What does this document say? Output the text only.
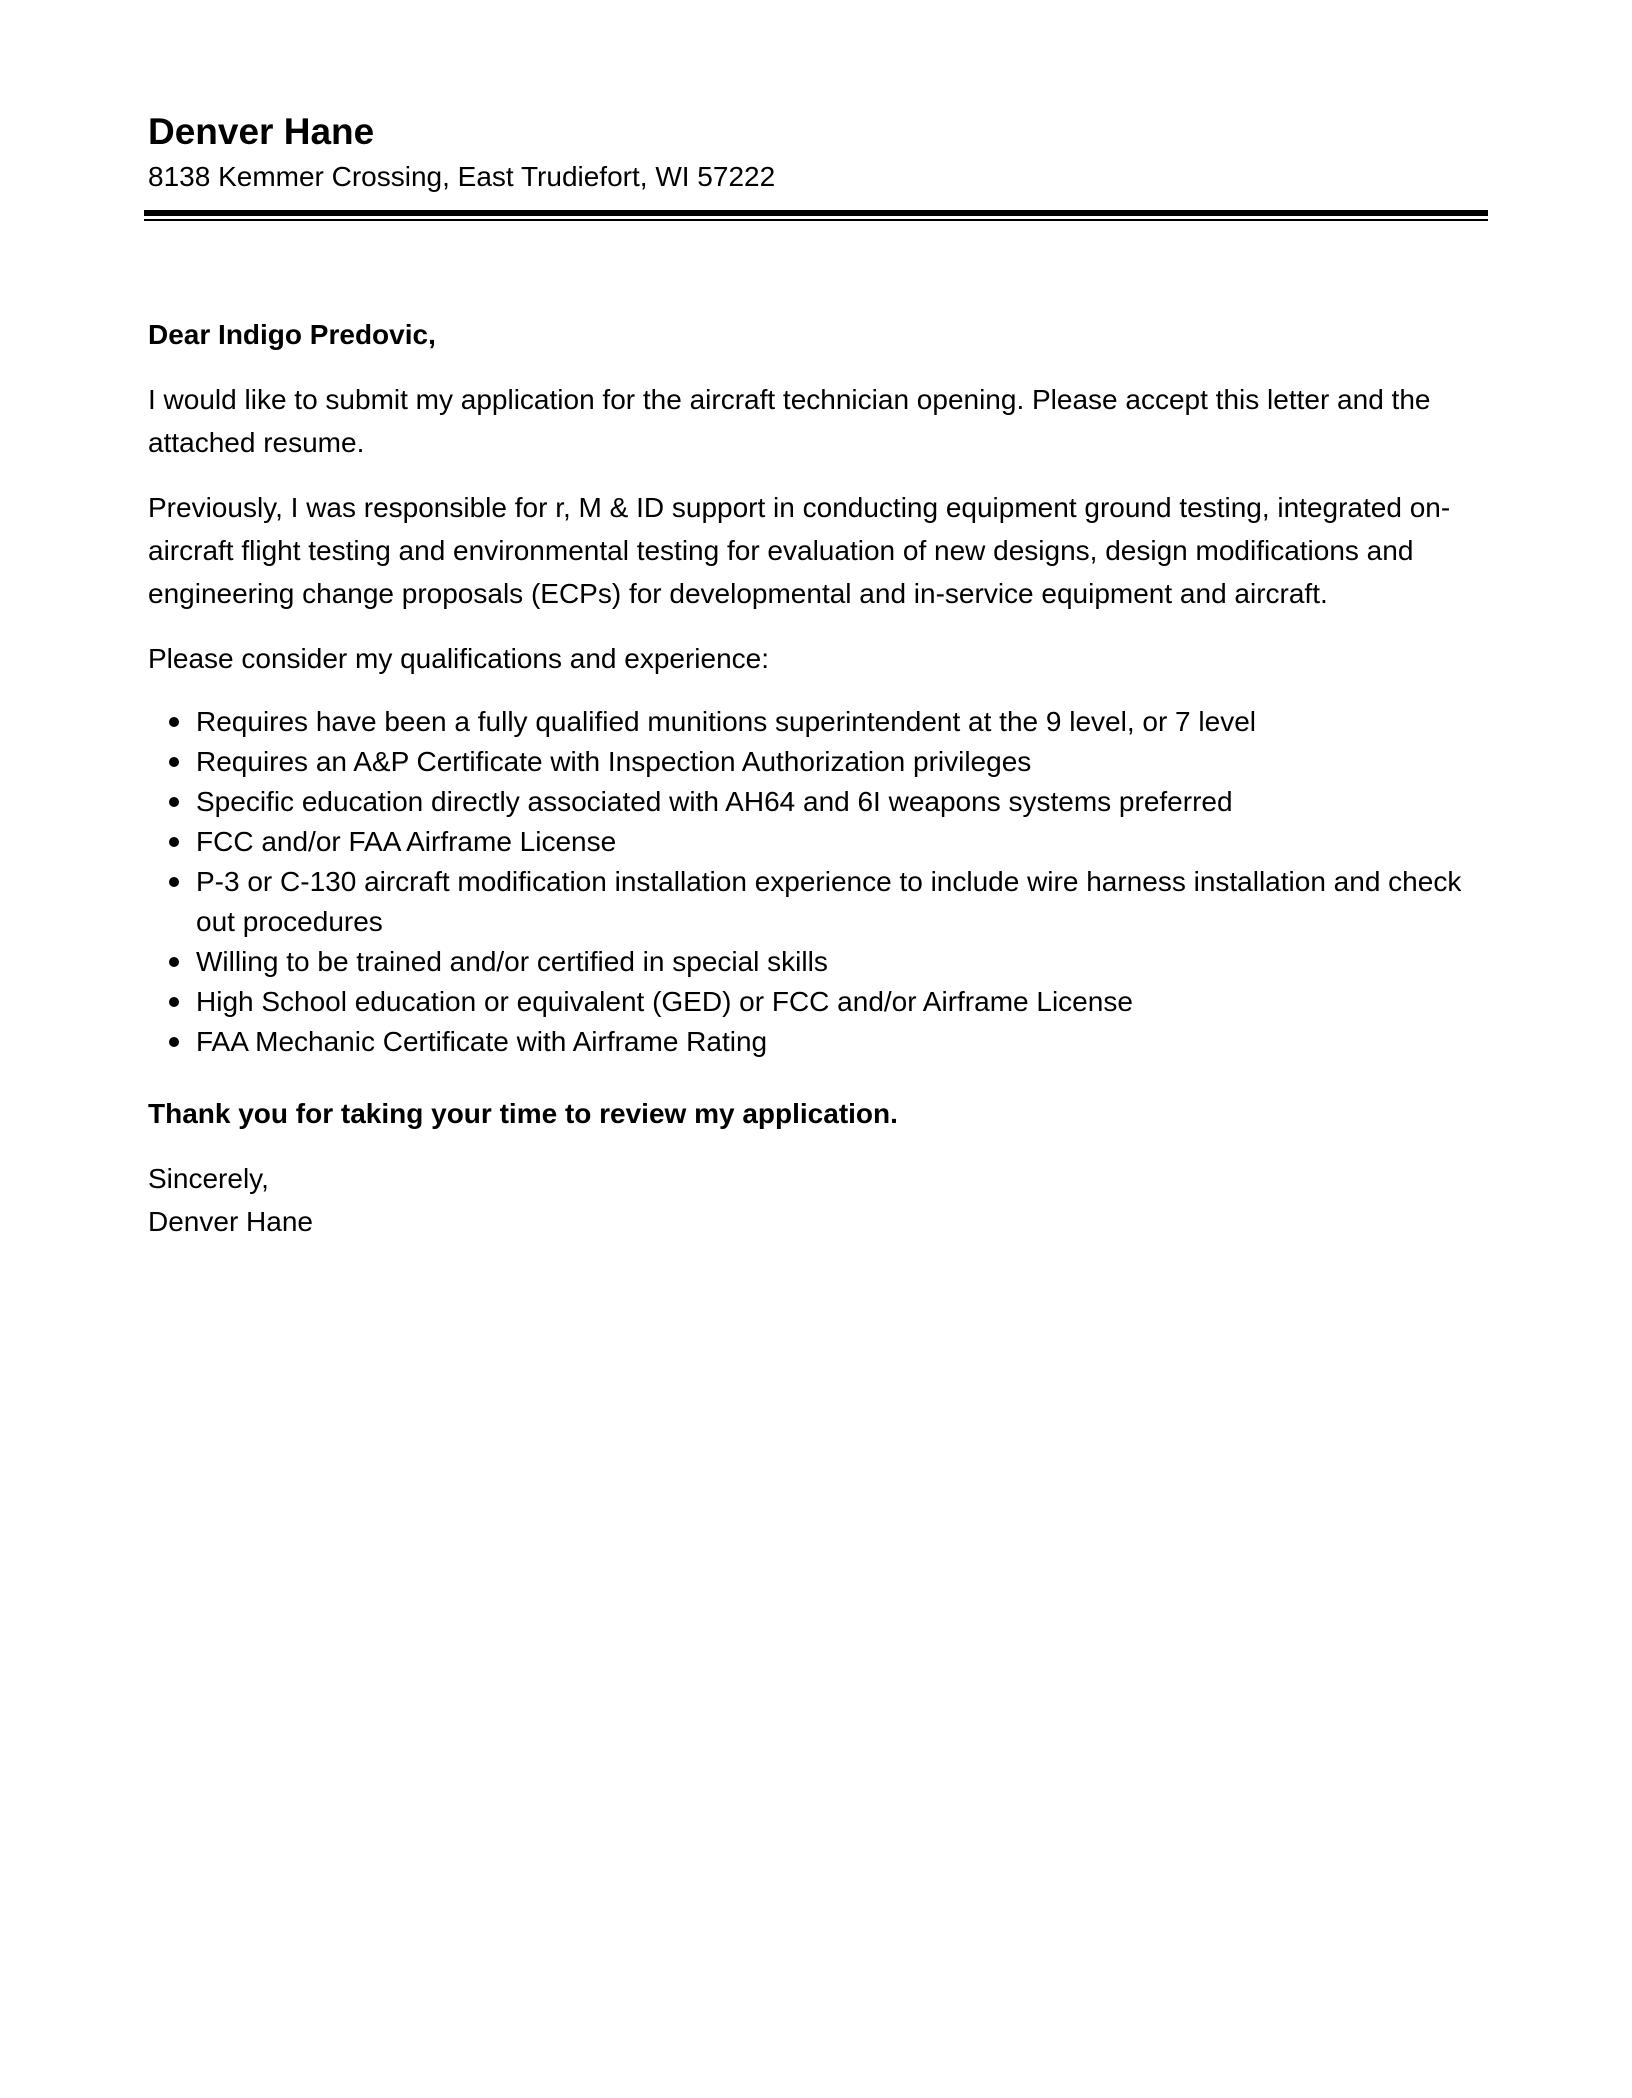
Denver Hane

8138 Kemmer Crossing, East Trudiefort, WI 57222

Dear Indigo Predovic,

I would like to submit my application for the aircraft technician opening. Please accept this letter and the attached resume.

Previously, I was responsible for r, M & ID support in conducting equipment ground testing, integrated on-aircraft flight testing and environmental testing for evaluation of new designs, design modifications and engineering change proposals (ECPs) for developmental and in-service equipment and aircraft.

Please consider my qualifications and experience:

Requires have been a fully qualified munitions superintendent at the 9 level, or 7 level
Requires an A&P Certificate with Inspection Authorization privileges
Specific education directly associated with AH64 and 6I weapons systems preferred
FCC and/or FAA Airframe License
P-3 or C-130 aircraft modification installation experience to include wire harness installation and check out procedures
Willing to be trained and/or certified in special skills
High School education or equivalent (GED) or FCC and/or Airframe License
FAA Mechanic Certificate with Airframe Rating

Thank you for taking your time to review my application.

Sincerely,

Denver Hane
